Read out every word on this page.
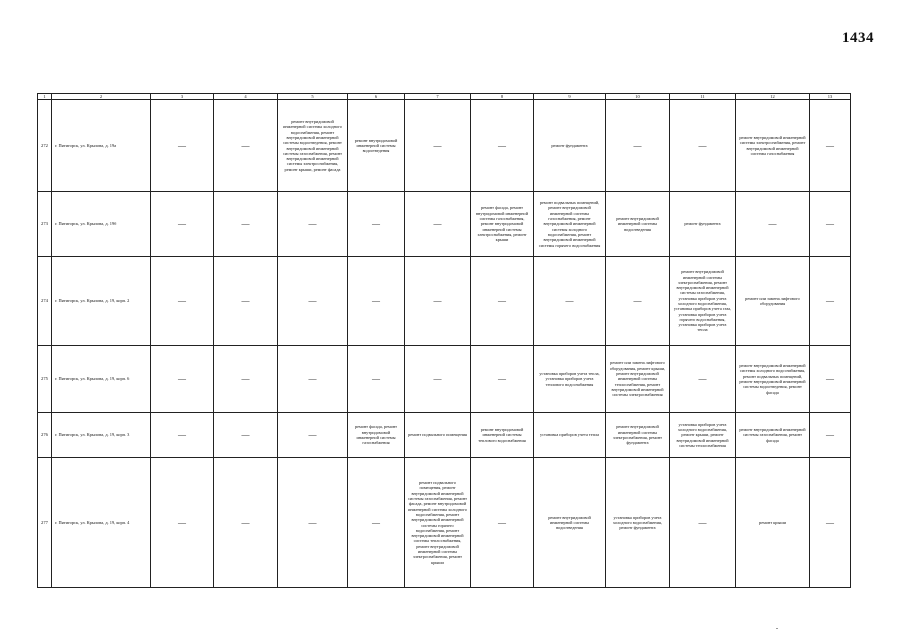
1434
1	2	3	4	5	6	7	8	9	10	11	12	13
272	г. Пятигорск, ул. Крылова, д. 19а	—	—	ремонт внутридомовой инженерной системы холодного водоснабжения, ремонт внутридомовой инженерной системы водоотведения, ремонт внутридомовой инженерной системы газоснабжения, ремонт внутридомовой инженерной системы электроснабжения, ремонт крыши, ремонт фасада	ремонт внутридомовой инженерной системы водоотведения	—	—	ремонт фундамента	—	—	ремонт внутридомовой инженерной системы электроснабжения, ремонт внутридомовой инженерной системы газоснабжения	—
273	г. Пятигорск, ул. Крылова, д. 19б	—	—	—	—	—	ремонт фасада, ремонт внутридомовой инженерной системы газоснабжения, ремонт внутридомовой инженерной системы электроснабжения, ремонт крыши	ремонт подвальных помещений, ремонт внутридомовой инженерной системы газоснабжения, ремонт внутридомовой инженерной системы холодного водоснабжения, ремонт внутридомовой инженерной системы горячего водоснабжения	ремонт внутридомовой инженерной системы водоотведения	ремонт фундамента	—	—
274	г. Пятигорск, ул. Крылова, д. 19, корп. 2	—	—	—	—	—	—	—	—	ремонт внутридомовой инженерной системы электроснабжения, ремонт внутридомовой инженерной системы газоснабжения, установка приборов учета холодного водоснабжения, установка приборов учета газа, установка приборов учета горячего водоснабжения, установка приборов учета тепла	ремонт или замена лифтового оборудования	—
275	г. Пятигорск, ул. Крылова, д. 19, корп. 6	—	—	—	—	—	—	установка приборов учета тепла, установка приборов учета теплового водоснабжения	ремонт или замена лифтового оборудования, ремонт крыши, ремонт внутридомовой инженерной системы теплоснабжения, ремонт внутридомовой инженерной системы электроснабжения	—	ремонт внутридомовой инженерной системы холодного водоснабжения, ремонт подвальных помещений, ремонт внутридомовой инженерной системы водоотведения, ремонт фасада	—
276	г. Пятигорск, ул. Крылова, д. 19, корп. 3	—	—	—	ремонт фасада, ремонт внутридомовой инженерной системы газоснабжения	ремонт подвального помещения	ремонт внутридомовой инженерной системы теплового водоснабжения	установка приборов учета тепла	ремонт внутридомовой инженерной системы электроснабжения, ремонт фундамента	установка приборов учета холодного водоснабжения, ремонт крыши, ремонт внутридомовой инженерной системы теплоснабжения	ремонт внутридомовой инженерной системы газоснабжения, ремонт фасада	—
277	г. Пятигорск, ул. Крылова, д. 19, корп. 4	—	—	—	—	ремонт подвального помещения, ремонт внутридомовой инженерной системы газоснабжения, ремонт фасада, ремонт внутридомовой инженерной системы холодного водоснабжения, ремонт внутридомовой инженерной системы горячего водоснабжения, ремонт внутридомовой инженерной системы теплоснабжения, ремонт внутридомовой инженерной системы электроснабжения, ремонт крыши	—	ремонт внутридомовой инженерной системы водоотведения	установка приборов учета холодного водоснабжения, ремонт фундамента	—	ремонт крыши	—
